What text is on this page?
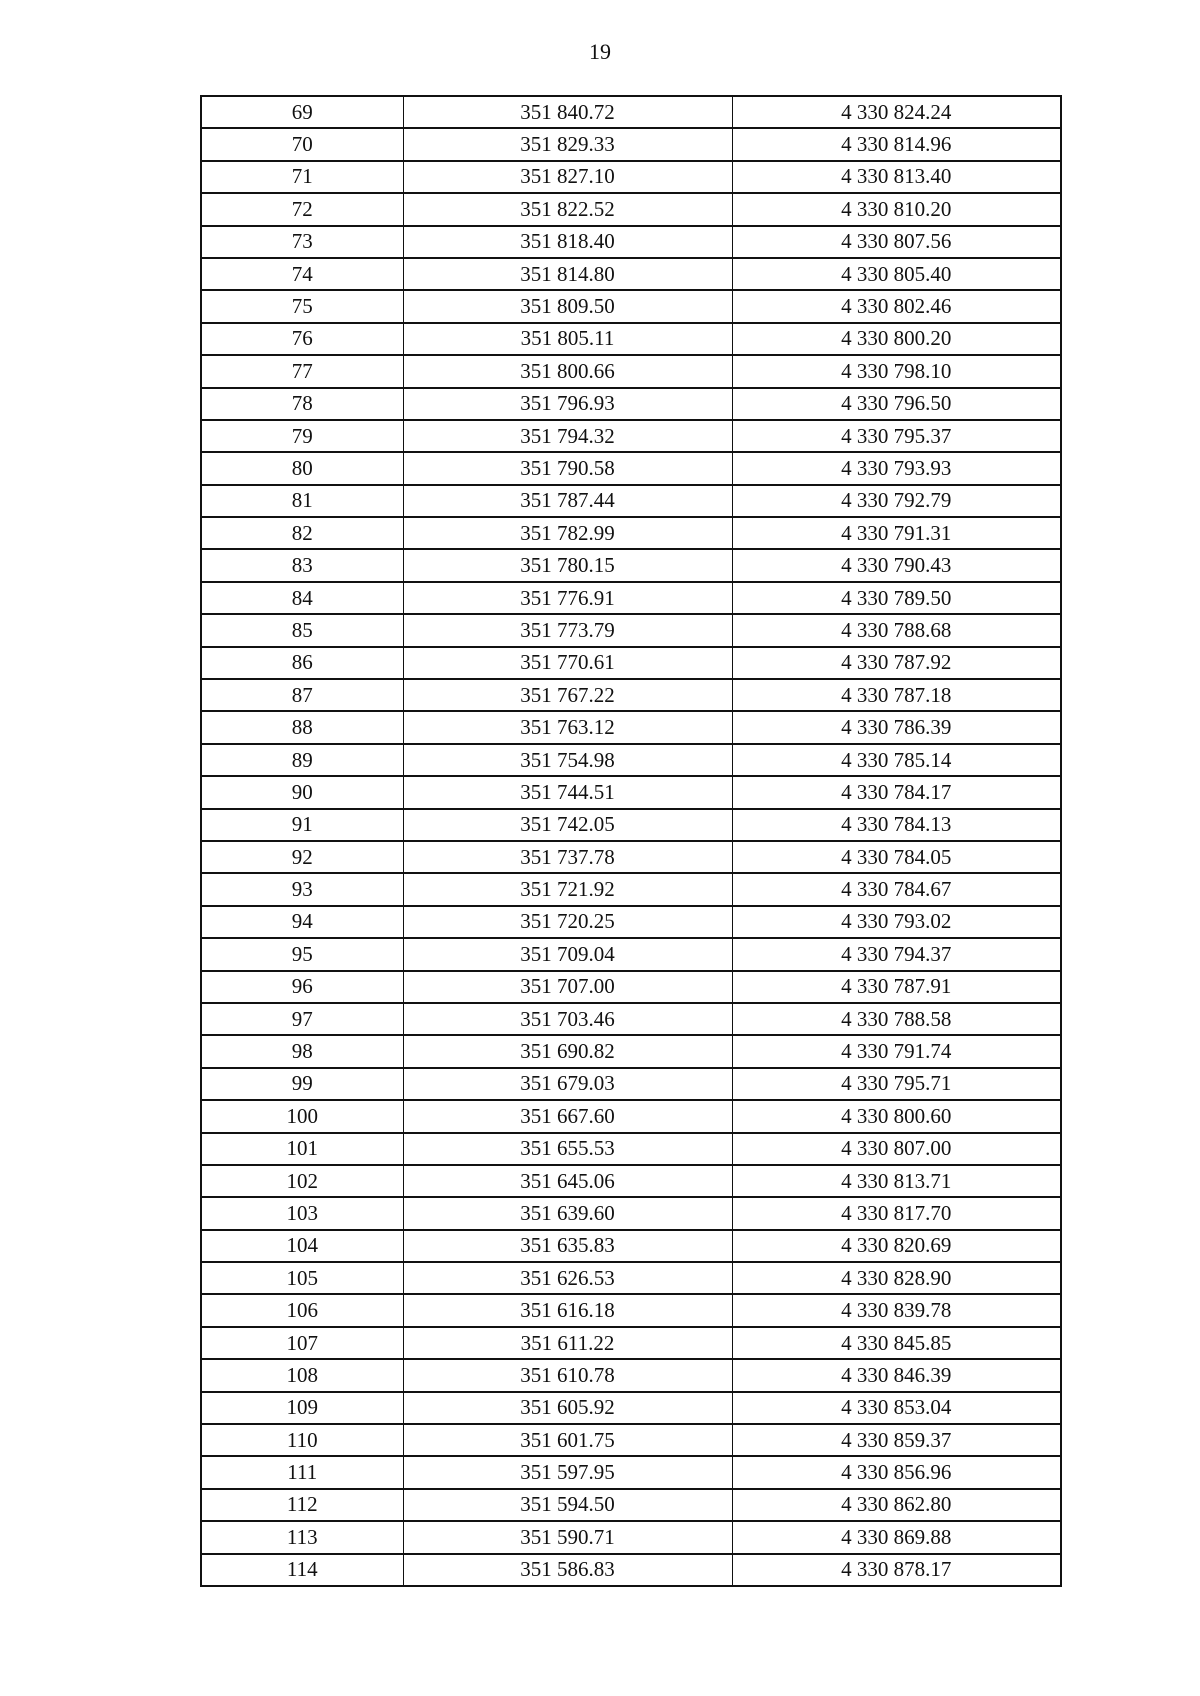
19
69	351 840.72	4 330 824.24
70	351 829.33	4 330 814.96
71	351 827.10	4 330 813.40
72	351 822.52	4 330 810.20
73	351 818.40	4 330 807.56
74	351 814.80	4 330 805.40
75	351 809.50	4 330 802.46
76	351 805.11	4 330 800.20
77	351 800.66	4 330 798.10
78	351 796.93	4 330 796.50
79	351 794.32	4 330 795.37
80	351 790.58	4 330 793.93
81	351 787.44	4 330 792.79
82	351 782.99	4 330 791.31
83	351 780.15	4 330 790.43
84	351 776.91	4 330 789.50
85	351 773.79	4 330 788.68
86	351 770.61	4 330 787.92
87	351 767.22	4 330 787.18
88	351 763.12	4 330 786.39
89	351 754.98	4 330 785.14
90	351 744.51	4 330 784.17
91	351 742.05	4 330 784.13
92	351 737.78	4 330 784.05
93	351 721.92	4 330 784.67
94	351 720.25	4 330 793.02
95	351 709.04	4 330 794.37
96	351 707.00	4 330 787.91
97	351 703.46	4 330 788.58
98	351 690.82	4 330 791.74
99	351 679.03	4 330 795.71
100	351 667.60	4 330 800.60
101	351 655.53	4 330 807.00
102	351 645.06	4 330 813.71
103	351 639.60	4 330 817.70
104	351 635.83	4 330 820.69
105	351 626.53	4 330 828.90
106	351 616.18	4 330 839.78
107	351 611.22	4 330 845.85
108	351 610.78	4 330 846.39
109	351 605.92	4 330 853.04
110	351 601.75	4 330 859.37
111	351 597.95	4 330 856.96
112	351 594.50	4 330 862.80
113	351 590.71	4 330 869.88
114	351 586.83	4 330 878.17
